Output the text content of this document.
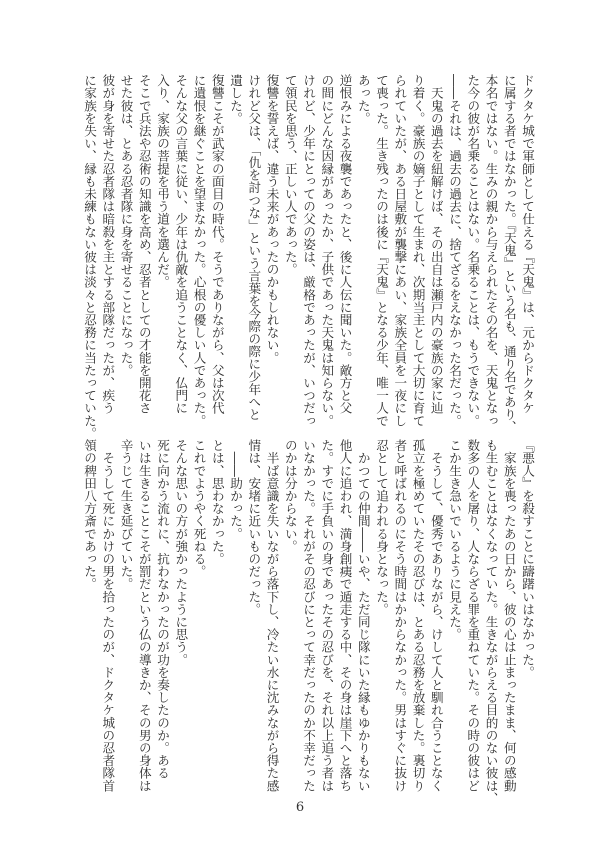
ドクタケ城で軍師として仕える『天鬼』は、元からドクタケ
に属する者ではなかった。『天鬼』という名も、通り名であり、
本名ではない。生みの親から与えられたその名を、天鬼となっ
た今の彼が名乗ることはない。名乗ることは、もうできない。
――それは、過去の過去に、捨てざるをえなかった名だった。
　天鬼の過去を紐解けば、その出自は瀬戸内の豪族の家に辿
り着く。豪族の嫡子として生まれ、次期当主として大切に育て
られていたが、ある日屋敷が襲撃にあい、家族全員を一夜にし
て喪った。生き残ったのは後に『天鬼』となる少年、唯一人で
あった。
逆恨みによる夜襲であったと、後に人伝に聞いた。敵方と父
の間にどんな因縁があったか、子供であった天鬼は知らない。
けれど、少年にとっての父の姿は、厳格であったが、いつだっ
て領民を思う、正しい人であった。
復讐を誓えば、違う未来があったのかもしれない。
けれど父は、「仇を討つな」という言葉を今際の際に少年へと
遺した。
復讐こそが武家の面目の時代。そうでありながら、父は次代
に遺恨を継ぐことを望まなかった。心根の優しい人であった。
そんな父の言葉に従い、少年は仇敵を追うことなく、仏門に
入り、家族の菩提を弔う道を選んだ。
そこで兵法や忍術の知識を高め、忍者としての才能を開花さ
せた彼は、とある忍者隊に身を寄せることになった。
彼が身を寄せた忍者隊は暗殺を主とする部隊だったが、疾う
に家族を失い、縁も未練もない彼は淡々と忍務に当たっていた。
『悪人』を殺すことに躊躇いはなかった。
　家族を喪ったあの日から、彼の心は止まったまま、何の感動
も生むことはなくなっていた。生きながらえる目的のない彼は、
数多の人を屠り、人ならざる罪を重ねていた。その時の彼はど
こか生き急いでいるように見えた。
　そうして、優秀でありながら、けして人と馴れ合うことなく
孤立を極めていたその忍びは、とある忍務を放棄した。裏切り
者と呼ばれるのにそう時間はかからなかった。男はすぐに抜け
忍として追われる身となった。
　かつての仲間――いや、ただ同じ隊にいた縁もゆかりもない
他人に追われ、満身創痍で遁走する中、その身は崖下へと落ち
た。すでに手負いの身であったその忍びを、それ以上追う者は
いなかった。それがその忍びにとって幸だったのか不幸だった
のかは分からない。
　半ば意識を失いながら落下し、冷たい水に沈みながら得た感
情は、安堵に近いものだった。
　――助かった。
とは、思わなかった。
これでようやく死ねる。
そんな思いの方が強かったように思う。
死に向かう流れに、抗わなかったのが功を奏したのか。ある
いは生きることこそが罰だという仏の導きか、その男の身体は
辛うじて生き延びていた。
　そうして死にかけの男を拾ったのが、ドクタケ城の忍者隊首
領の稗田八方斎であった。
6
